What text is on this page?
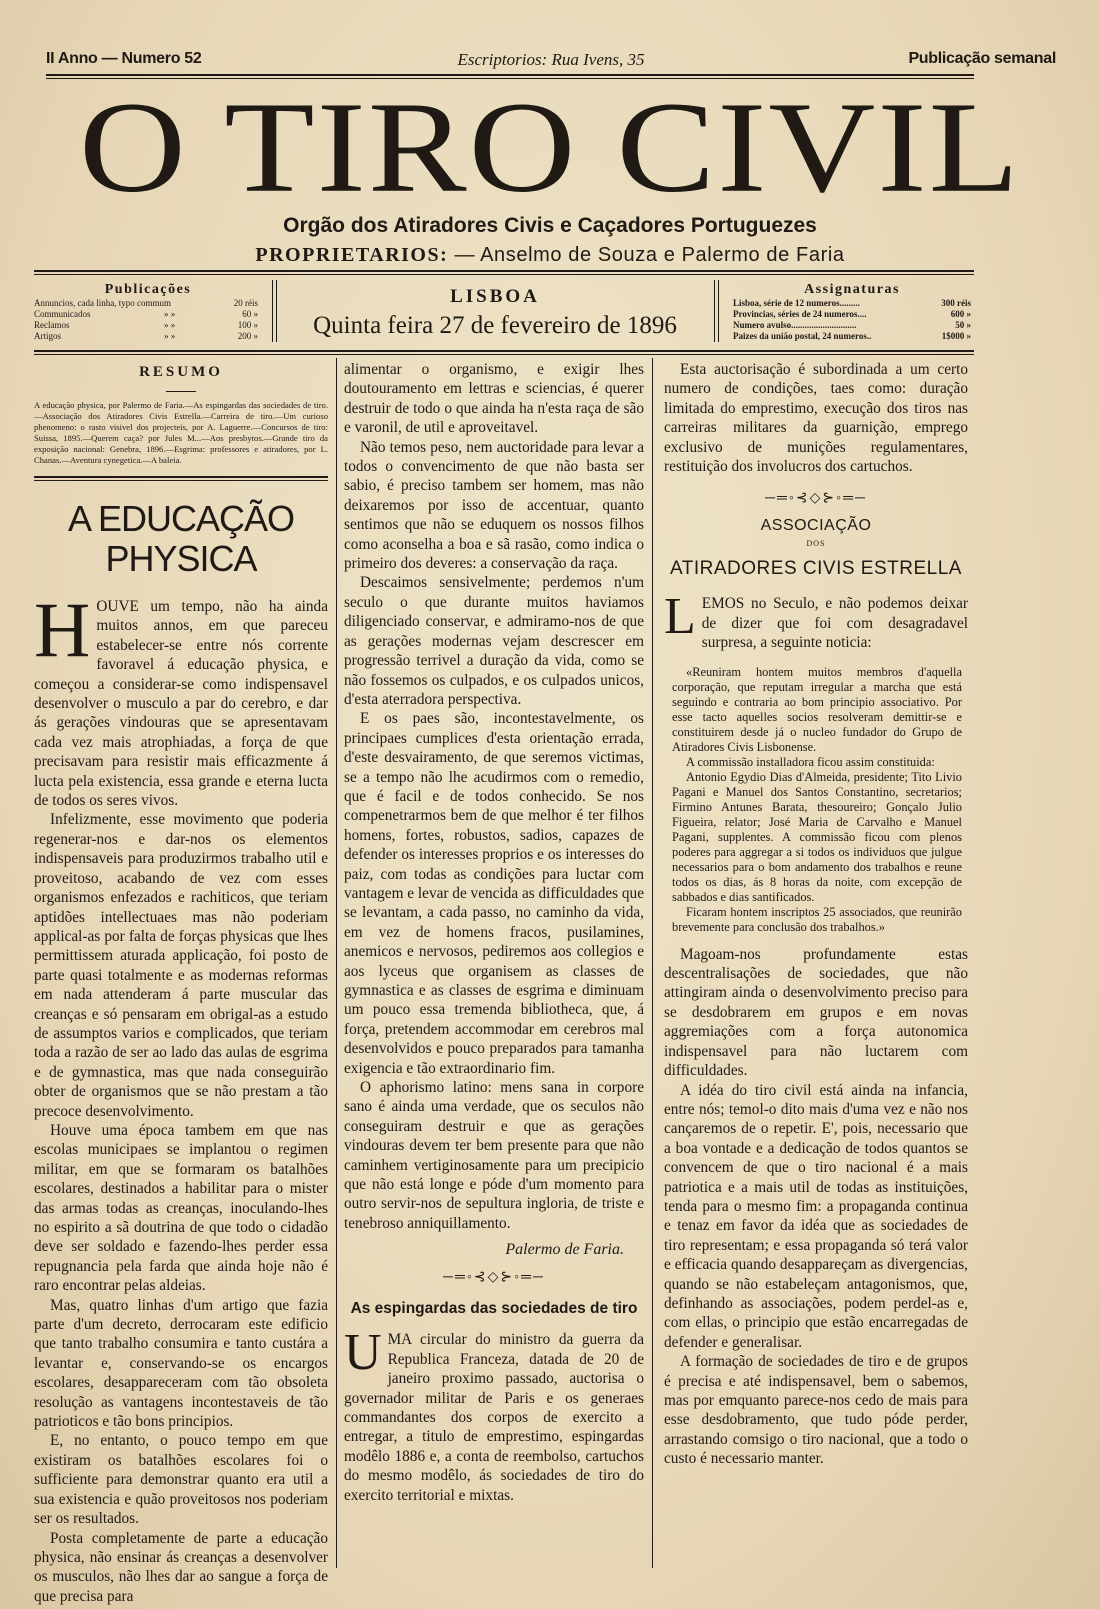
II Anno — Numero 52	Escriptorios: Rua Ivens, 35	Publicação semanal
O TIRO CIVIL
Orgão dos Atiradores Civis e Caçadores Portuguezes
PROPRIETARIOS: — Anselmo de Souza e Palermo de Faria
Publicações
Annuncios, cada linha, typo commum	20 réis
Communicados	» »	60 »
Reclamos	» »	100 »
Artigos	» »	200 »
LISBOA
Quinta feira 27 de fevereiro de 1896
Assignaturas
Lisboa, série de 12 numeros.........	300 réis
Provincias, séries de 24 numeros....	600 »
Numero avulso.............................	50 »
Paizes da união postal, 24 numeros..	1$000 »
RESUMO
A educação physica, por Palermo de Faria.—As espingardas das sociedades de tiro.—Associação dos Atiradores Civis Estrella.—Carreira de tiro.—Um curioso phenomeno: o rasto visivel dos projecteis, por A. Laguerre.—Concursos de tiro: Suissa, 1895.—Querem caça? por Jules M...—Aos presbytos.—Grande tiro da exposição nacional: Genebra, 1896.—Esgrima: professores e atiradores, por L. Chanas.—Aventura cynegetica.—A baleia.
A EDUCAÇÃO PHYSICA

HOUVE um tempo, não ha ainda muitos annos, em que pareceu estabelecer-se entre nós corrente favoravel á educação physica, e começou a considerar-se como indispensavel desenvolver o musculo a par do cerebro, e dar ás gerações vindouras que se apresentavam cada vez mais atrophiadas, a força de que precisavam para resistir mais efficazmente á lucta pela existencia, essa grande e eterna lucta de todos os seres vivos.

Infelizmente, esse movimento que poderia regenerar-nos e dar-nos os elementos indispensaveis para produzirmos trabalho util e proveitoso, acabando de vez com esses organismos enfezados e rachiticos, que teriam aptidões intellectuaes mas não poderiam applical-as por falta de forças physicas que lhes permittissem aturada applicação, foi posto de parte quasi totalmente e as modernas reformas em nada attenderam á parte muscular das creanças e só pensaram em obrigal-as a estudo de assumptos varios e complicados, que teriam toda a razão de ser ao lado das aulas de esgrima e de gymnastica, mas que nada conseguirão obter de organismos que se não prestam a tão precoce desenvolvimento.

Houve uma época tambem em que nas escolas municipaes se implantou o regimen militar, em que se formaram os batalhões escolares, destinados a habilitar para o mister das armas todas as creanças, inoculando-lhes no espirito a sã doutrina de que todo o cidadão deve ser soldado e fazendo-lhes perder essa repugnancia pela farda que ainda hoje não é raro encontrar pelas aldeias.

Mas, quatro linhas d'um artigo que fazia parte d'um decreto, derrocaram este edificio que tanto trabalho consumira e tanto custára a levantar e, conservando-se os encargos escolares, desappareceram com tão obsoleta resolução as vantagens incontestaveis de tão patrioticos e tão bons principios.

E, no entanto, o pouco tempo em que existiram os batalhões escolares foi o sufficiente para demonstrar quanto era util a sua existencia e quão proveitosos nos poderiam ser os resultados.

Posta completamente de parte a educação physica, não ensinar ás creanças a desenvolver os musculos, não lhes dar ao sangue a força de que precisa para

alimentar o organismo, e exigir lhes doutouramento em lettras e sciencias, é querer destruir de todo o que ainda ha n'esta raça de são e varonil, de util e aproveitavel.

Não temos peso, nem auctoridade para levar a todos o convencimento de que não basta ser sabio, é preciso tambem ser homem, mas não deixaremos por isso de accentuar, quanto sentimos que não se eduquem os nossos filhos como aconselha a boa e sã rasão, como indica o primeiro dos deveres: a conservação da raça.

Descaimos sensivelmente; perdemos n'um seculo o que durante muitos haviamos diligenciado conservar, e admiramo-nos de que as gerações modernas vejam descrescer em progressão terrivel a duração da vida, como se não fossemos os culpados, e os culpados unicos, d'esta aterradora perspectiva.

E os paes são, incontestavelmente, os principaes cumplices d'esta orientação errada, d'este desvairamento, de que seremos victimas, se a tempo não lhe acudirmos com o remedio, que é facil e de todos conhecido. Se nos compenetrarmos bem de que melhor é ter filhos homens, fortes, robustos, sadios, capazes de defender os interesses proprios e os interesses do paiz, com todas as condições para luctar com vantagem e levar de vencida as difficuldades que se levantam, a cada passo, no caminho da vida, em vez de homens fracos, pusilamines, anemicos e nervosos, pediremos aos collegios e aos lyceus que organisem as classes de gymnastica e as classes de esgrima e diminuam um pouco essa tremenda bibliotheca, que, á força, pretendem accommodar em cerebros mal desenvolvidos e pouco preparados para tamanha exigencia e tão extraordinario fim.

O aphorismo latino: mens sana in corpore sano é ainda uma verdade, que os seculos não conseguiram destruir e que as gerações vindouras devem ter bem presente para que não caminhem vertiginosamente para um precipicio que não está longe e póde d'um momento para outro servir-nos de sepultura ingloria, de triste e tenebroso anniquillamento.

Palermo de Faria.
─═◦⊰◇⊱◦═─
As espingardas das sociedades de tiro

UMA circular do ministro da guerra da Republica Franceza, datada de 20 de janeiro proximo passado, auctorisa o governador militar de Paris e os generaes commandantes dos corpos de exercito a entregar, a titulo de emprestimo, espingardas modêlo 1886 e, a conta de reembolso, cartuchos do mesmo modêlo, ás sociedades de tiro do exercito territorial e mixtas.

Esta auctorisação é subordinada a um certo numero de condições, taes como: duração limitada do emprestimo, execução dos tiros nas carreiras militares da guarnição, emprego exclusivo de munições regulamentares, restituição dos involucros dos cartuchos.

─═◦⊰◇⊱◦═─
ASSOCIAÇÃO
DOS
ATIRADORES CIVIS ESTRELLA

LEMOS no Seculo, e não podemos deixar de dizer que foi com desagradavel surpresa, a seguinte noticia:

«Reuniram hontem muitos membros d'aquella corporação, que reputam irregular a marcha que está seguindo e contraria ao bom principio associativo. Por esse tacto aquelles socios resolveram demittir-se e constituirem desde já o nucleo fundador do Grupo de Atiradores Civis Lisbonense.

A commissão installadora ficou assim constituida:

Antonio Egydio Dias d'Almeida, presidente; Tito Livio Pagani e Manuel dos Santos Constantino, secretarios; Firmino Antunes Barata, thesoureiro; Gonçalo Julio Figueira, relator; José Maria de Carvalho e Manuel Pagani, supplentes. A commissão ficou com plenos poderes para aggregar a si todos os individuos que julgue necessarios para o bom andamento dos trabalhos e reune todos os dias, ás 8 horas da noite, com excepção de sabbados e dias santificados.

Ficaram hontem inscriptos 25 associados, que reunirão brevemente para conclusão dos trabalhos.»

Magoam-nos profundamente estas descentralisações de sociedades, que não attingiram ainda o desenvolvimento preciso para se desdobrarem em grupos e em novas aggremiações com a força autonomica indispensavel para não luctarem com difficuldades.

A idéa do tiro civil está ainda na infancia, entre nós; temol-o dito mais d'uma vez e não nos cançaremos de o repetir. E', pois, necessario que a boa vontade e a dedicação de todos quantos se convencem de que o tiro nacional é a mais patriotica e a mais util de todas as instituições, tenda para o mesmo fim: a propaganda continua e tenaz em favor da idéa que as sociedades de tiro representam; e essa propaganda só terá valor e efficacia quando desappareçam as divergencias, quando se não estabeleçam antagonismos, que, definhando as associações, podem perdel-as e, com ellas, o principio que estão encarregadas de defender e generalisar.

A formação de sociedades de tiro e de grupos é precisa e até indispensavel, bem o sabemos, mas por emquanto parece-nos cedo de mais para esse desdobramento, que tudo póde perder, arrastando comsigo o tiro nacional, que a todo o custo é necessario manter.
